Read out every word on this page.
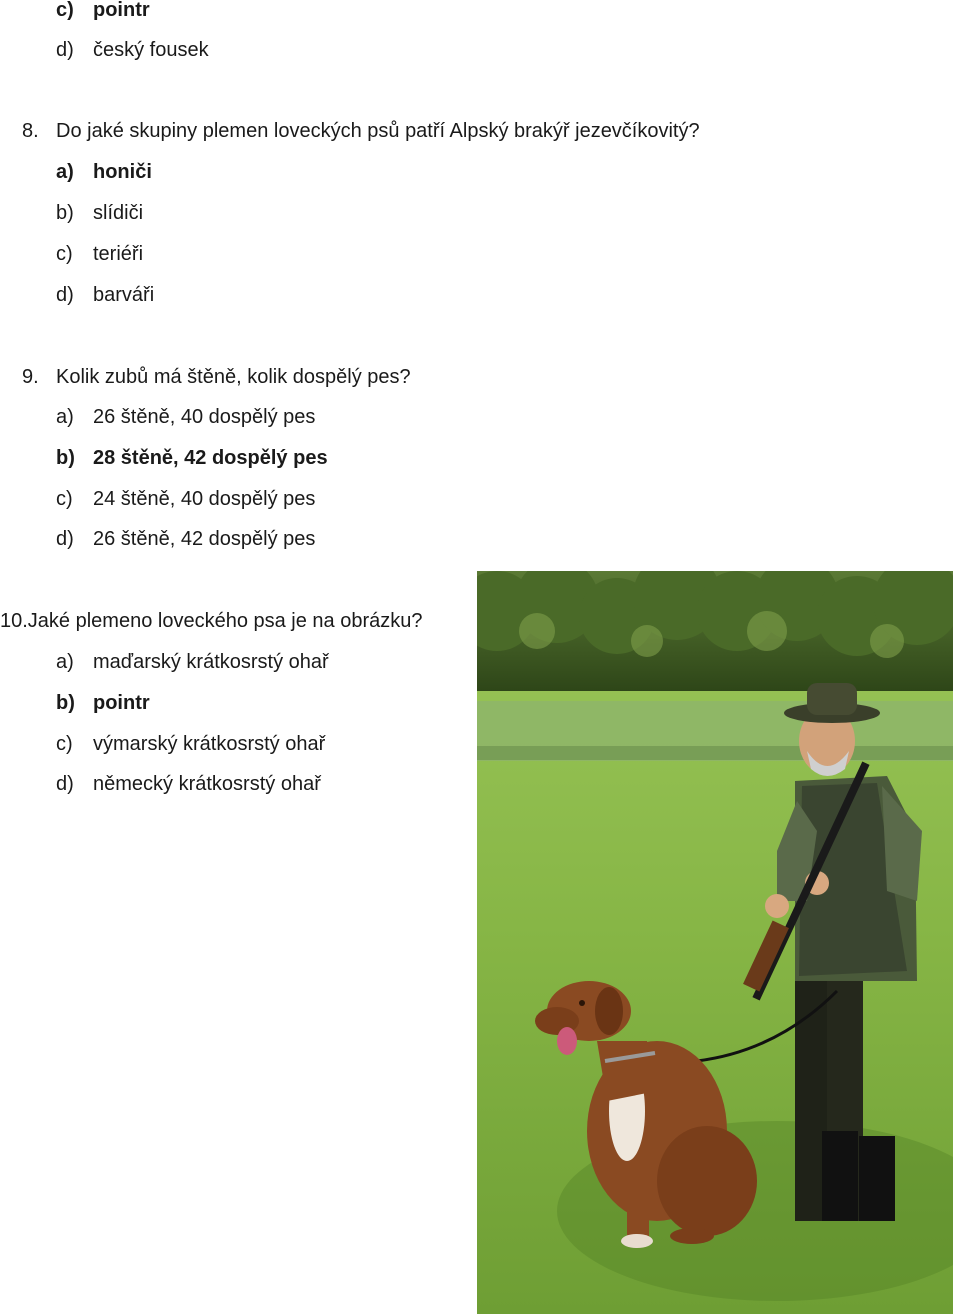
c) pointr
d) český fousek
8. Do jaké skupiny plemen loveckých psů patří Alpský brakýř jezevčíkovitý?
a) honiči
b) slídiči
c) teriéři
d) barváři
9. Kolik zubů má štěně, kolik dospělý pes?
a) 26 štěně, 40 dospělý pes
b) 28 štěně, 42 dospělý pes
c) 24 štěně, 40 dospělý pes
d) 26 štěně, 42 dospělý pes
10.Jaké plemeno loveckého psa je na obrázku?
a) maďarský krátkosrstý ohař
b) pointr
c) výmarský krátkosrstý ohař
d) německý krátkosrstý ohař
